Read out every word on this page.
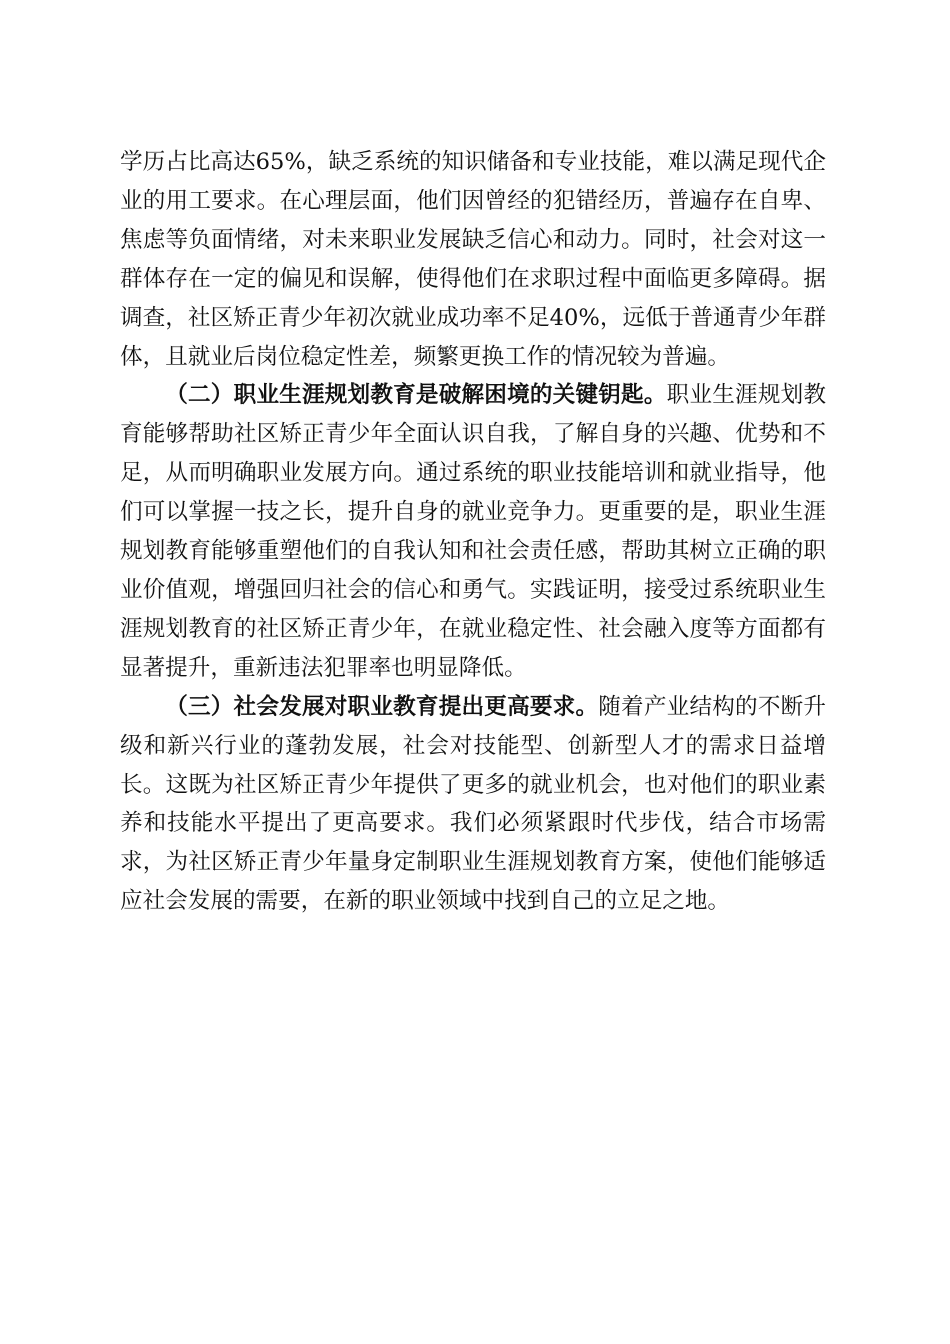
学历占比高达65%，缺乏系统的知识储备和专业技能，难以满足现代企业的用工要求。在心理层面，他们因曾经的犯错经历，普遍存在自卑、焦虑等负面情绪，对未来职业发展缺乏信心和动力。同时，社会对这一群体存在一定的偏见和误解，使得他们在求职过程中面临更多障碍。据调查，社区矫正青少年初次就业成功率不足40%，远低于普通青少年群体，且就业后岗位稳定性差，频繁更换工作的情况较为普遍。

（二）职业生涯规划教育是破解困境的关键钥匙。职业生涯规划教育能够帮助社区矫正青少年全面认识自我，了解自身的兴趣、优势和不足，从而明确职业发展方向。通过系统的职业技能培训和就业指导，他们可以掌握一技之长，提升自身的就业竞争力。更重要的是，职业生涯规划教育能够重塑他们的自我认知和社会责任感，帮助其树立正确的职业价值观，增强回归社会的信心和勇气。实践证明，接受过系统职业生涯规划教育的社区矫正青少年，在就业稳定性、社会融入度等方面都有显著提升，重新违法犯罪率也明显降低。

（三）社会发展对职业教育提出更高要求。随着产业结构的不断升级和新兴行业的蓬勃发展，社会对技能型、创新型人才的需求日益增长。这既为社区矫正青少年提供了更多的就业机会，也对他们的职业素养和技能水平提出了更高要求。我们必须紧跟时代步伐，结合市场需求，为社区矫正青少年量身定制职业生涯规划教育方案，使他们能够适应社会发展的需要，在新的职业领域中找到自己的立足之地。
